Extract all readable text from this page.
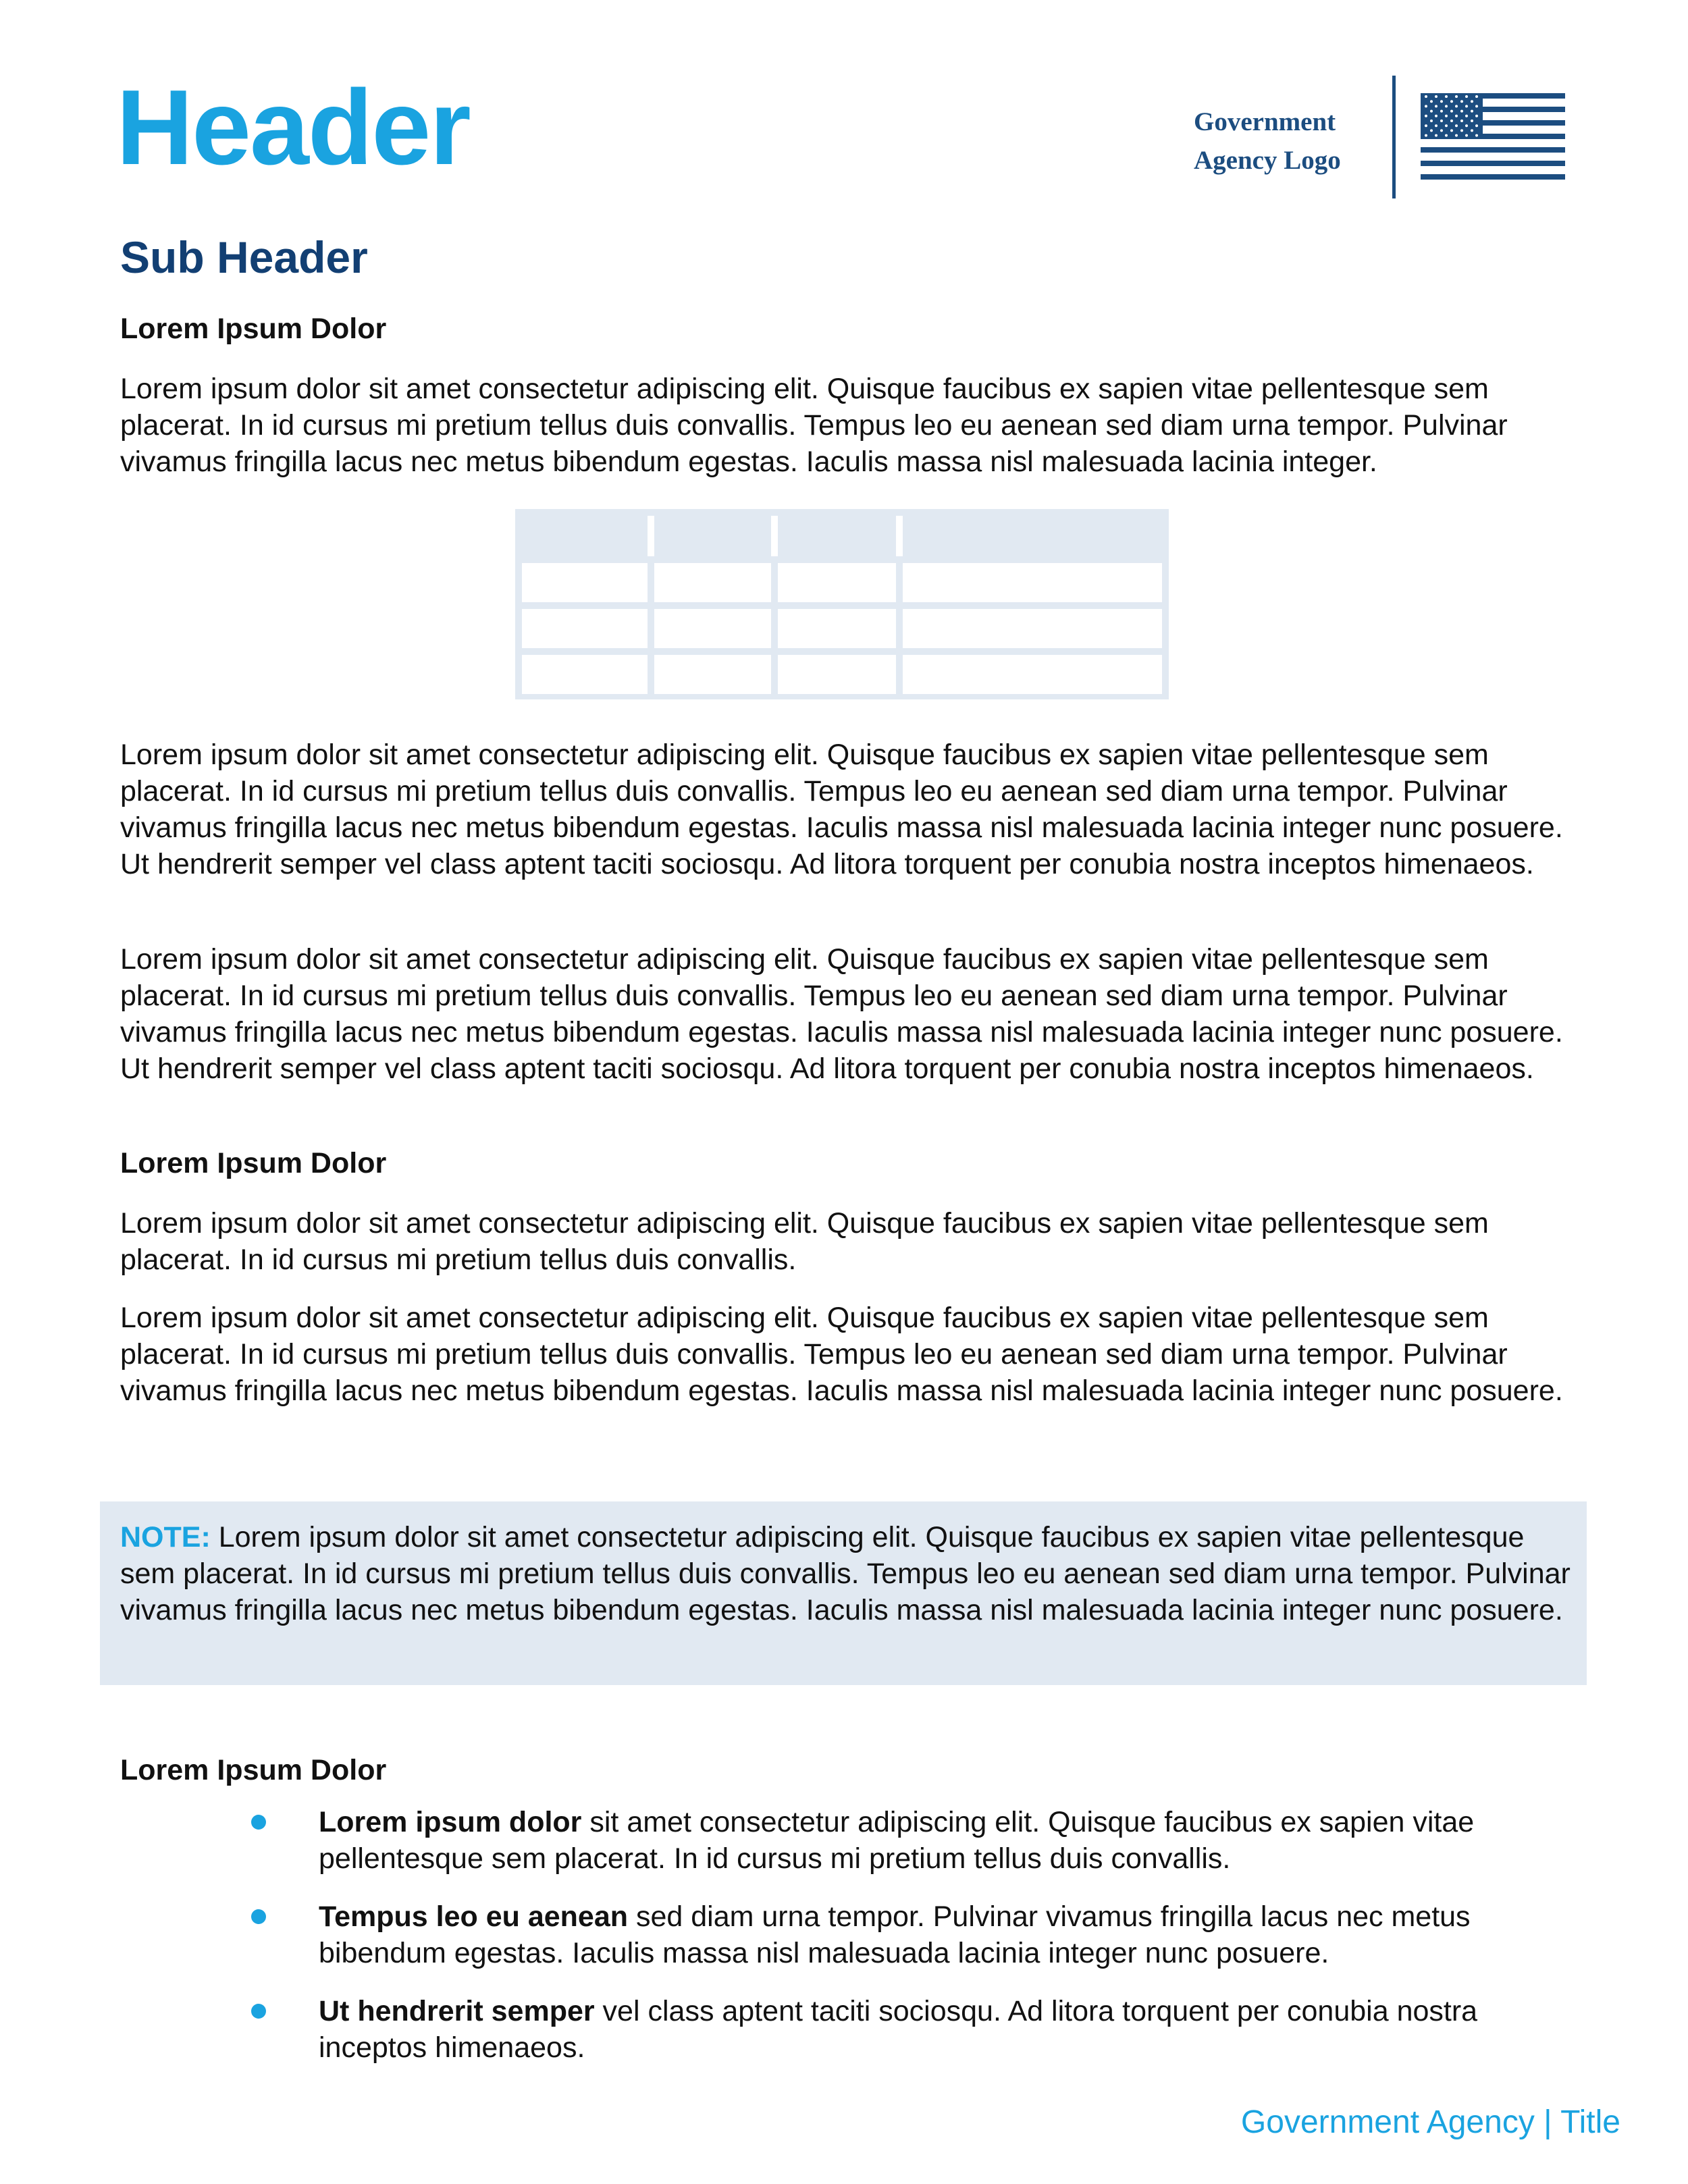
Header	Government
Agency Logo
Sub Header
Lorem Ipsum Dolor

Lorem ipsum dolor sit amet consectetur adipiscing elit. Quisque faucibus ex sapien vitae pellentesque sem placerat. In id cursus mi pretium tellus duis convallis. Tempus leo eu aenean sed diam urna tempor. Pulvinar vivamus fringilla lacus nec metus bibendum egestas. Iaculis massa nisl malesuada lacinia integer.

Lorem ipsum dolor sit amet consectetur adipiscing elit. Quisque faucibus ex sapien vitae pellentesque sem placerat. In id cursus mi pretium tellus duis convallis. Tempus leo eu aenean sed diam urna tempor. Pulvinar vivamus fringilla lacus nec metus bibendum egestas. Iaculis massa nisl malesuada lacinia integer nunc posuere. Ut hendrerit semper vel class aptent taciti sociosqu. Ad litora torquent per conubia nostra inceptos himenaeos.

Lorem ipsum dolor sit amet consectetur adipiscing elit. Quisque faucibus ex sapien vitae pellentesque sem placerat. In id cursus mi pretium tellus duis convallis. Tempus leo eu aenean sed diam urna tempor. Pulvinar vivamus fringilla lacus nec metus bibendum egestas. Iaculis massa nisl malesuada lacinia integer nunc posuere. Ut hendrerit semper vel class aptent taciti sociosqu. Ad litora torquent per conubia nostra inceptos himenaeos.

Lorem Ipsum Dolor

Lorem ipsum dolor sit amet consectetur adipiscing elit. Quisque faucibus ex sapien vitae pellentesque sem placerat. In id cursus mi pretium tellus duis convallis.

Lorem ipsum dolor sit amet consectetur adipiscing elit. Quisque faucibus ex sapien vitae pellentesque sem placerat. In id cursus mi pretium tellus duis convallis. Tempus leo eu aenean sed diam urna tempor. Pulvinar vivamus fringilla lacus nec metus bibendum egestas. Iaculis massa nisl malesuada lacinia integer nunc posuere.

NOTE: Lorem ipsum dolor sit amet consectetur adipiscing elit. Quisque faucibus ex sapien vitae pellentesque sem placerat. In id cursus mi pretium tellus duis convallis. Tempus leo eu aenean sed diam urna tempor. Pulvinar vivamus fringilla lacus nec metus bibendum egestas. Iaculis massa nisl malesuada lacinia integer nunc posuere.

Lorem Ipsum Dolor
Lorem ipsum dolor sit amet consectetur adipiscing elit. Quisque faucibus ex sapien vitae pellentesque sem placerat. In id cursus mi pretium tellus duis convallis.
Tempus leo eu aenean sed diam urna tempor. Pulvinar vivamus fringilla lacus nec metus bibendum egestas. Iaculis massa nisl malesuada lacinia integer nunc posuere.
Ut hendrerit semper vel class aptent taciti sociosqu. Ad litora torquent per conubia nostra inceptos himenaeos.
Government Agency | Title
